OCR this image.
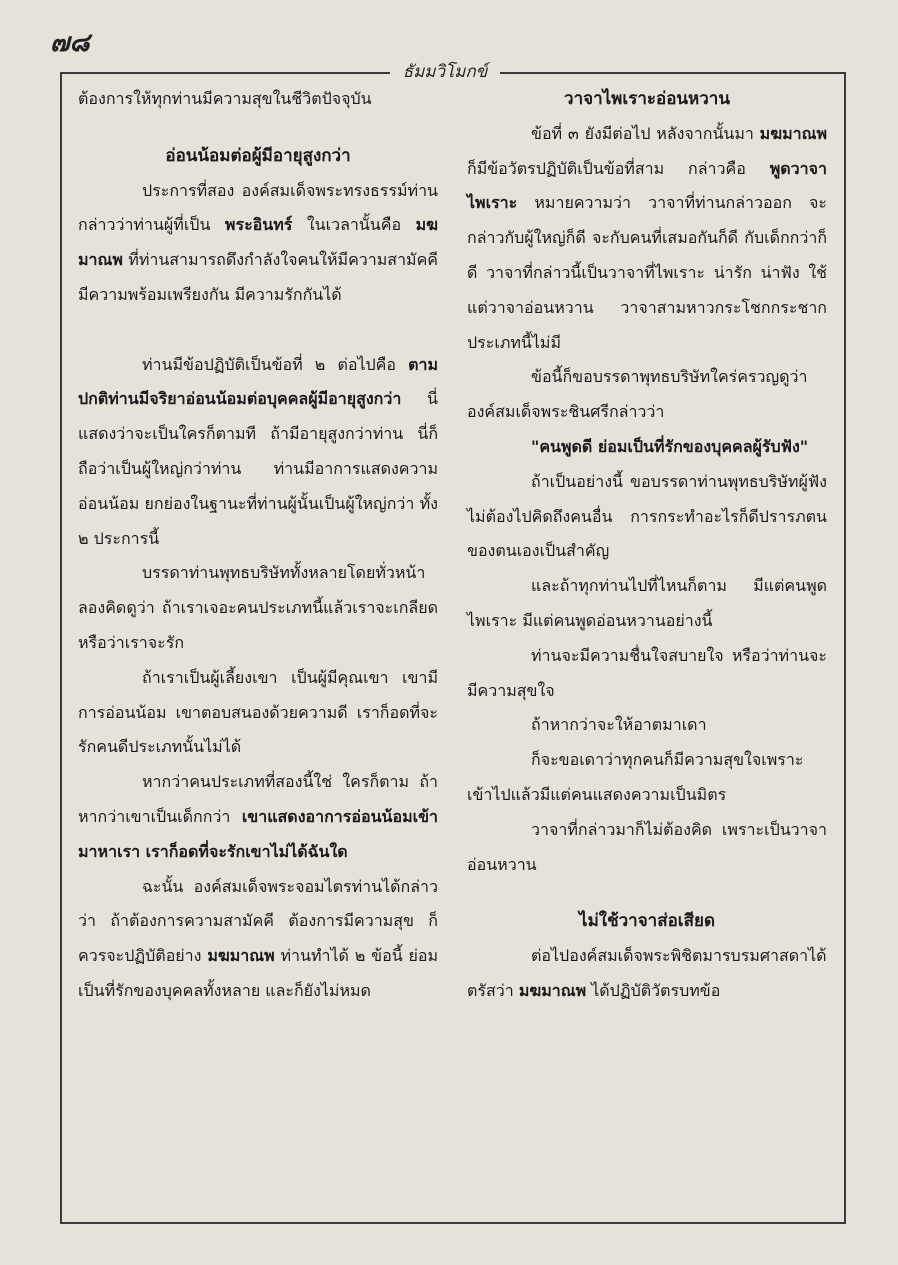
๗๘
ธัมมวิโมกข์

ต้องการให้ทุกท่านมีความสุขในชีวิตปัจจุบัน

อ่อนน้อมต่อผู้มีอายุสูงกว่า

ประการที่สอง องค์สมเด็จพระทรงธรรม์ท่านกล่าวว่าท่านผู้ที่เป็น พระอินทร์ ในเวลานั้นคือ มฆมาณพ ที่ท่านสามารถดึงกำลังใจคนให้มีความสามัคคี มีความพร้อมเพรียงกัน มีความรักกันได้

ท่านมีข้อปฏิบัติเป็นข้อที่ ๒ ต่อไปคือ ตามปกติท่านมีจริยาอ่อนน้อมต่อบุคคลผู้มีอายุสูงกว่า นี่แสดงว่าจะเป็นใครก็ตามที ถ้ามีอายุสูงกว่าท่าน นี่ก็ถือว่าเป็นผู้ใหญ่กว่าท่าน ท่านมีอาการแสดงความอ่อนน้อม ยกย่องในฐานะที่ท่านผู้นั้นเป็นผู้ใหญ่กว่า ทั้ง ๒ ประการนี้

บรรดาท่านพุทธบริษัททั้งหลายโดยทั่วหน้า ลองคิดดูว่า ถ้าเราเจอะคนประเภทนี้แล้วเราจะเกลียดหรือว่าเราจะรัก

ถ้าเราเป็นผู้เลี้ยงเขา เป็นผู้มีคุณเขา เขามีการอ่อนน้อม เขาตอบสนองด้วยความดี เราก็อดที่จะรักคนดีประเภทนั้นไม่ได้

หากว่าคนประเภทที่สองนี้ใช่ ใครก็ตาม ถ้าหากว่าเขาเป็นเด็กกว่า เขาแสดงอาการอ่อนน้อมเข้ามาหาเรา เราก็อดที่จะรักเขาไม่ได้ฉันใด

ฉะนั้น องค์สมเด็จพระจอมไตรท่านได้กล่าวว่า ถ้าต้องการความสามัคคี ต้องการมีความสุข ก็ควรจะปฏิบัติอย่าง มฆมาณพ ท่านทำได้ ๒ ข้อนี้ ย่อมเป็นที่รักของบุคคลทั้งหลาย และก็ยังไม่หมด

วาจาไพเราะอ่อนหวาน

ข้อที่ ๓ ยังมีต่อไป หลังจากนั้นมา มฆมาณพ ก็มีข้อวัตรปฏิบัติเป็นข้อที่สาม กล่าวคือ พูดวาจาไพเราะ หมายความว่า วาจาที่ท่านกล่าวออก จะกล่าวกับผู้ใหญ่ก็ดี จะกับคนที่เสมอกันก็ดี กับเด็กกว่าก็ดี วาจาที่กล่าวนี้เป็นวาจาที่ไพเราะ น่ารัก น่าฟัง ใช้แต่วาจาอ่อนหวาน วาจาสามหาวกระโชกกระชากประเภทนี้ไม่มี

ข้อนี้ก็ขอบรรดาพุทธบริษัทใคร่ครวญดูว่า องค์สมเด็จพระชินศรีกล่าวว่า

"คนพูดดี ย่อมเป็นที่รักของบุคคลผู้รับฟัง"

ถ้าเป็นอย่างนี้ ขอบรรดาท่านพุทธบริษัทผู้ฟังไม่ต้องไปคิดถึงคนอื่น การกระทำอะไรก็ดีปรารภตนของตนเองเป็นสำคัญ

และถ้าทุกท่านไปที่ไหนก็ตาม มีแต่คนพูดไพเราะ มีแต่คนพูดอ่อนหวานอย่างนี้

ท่านจะมีความชื่นใจสบายใจ หรือว่าท่านจะมีความสุขใจ

ถ้าหากว่าจะให้อาตมาเดา

ก็จะขอเดาว่าทุกคนก็มีความสุขใจเพราะเข้าไปแล้วมีแต่คนแสดงความเป็นมิตร

วาจาที่กล่าวมาก็ไม่ต้องคิด เพราะเป็นวาจาอ่อนหวาน

ไม่ใช้วาจาส่อเสียด

ต่อไปองค์สมเด็จพระพิชิตมารบรมศาสดาได้ตรัสว่า มฆมาณพ ได้ปฏิบัติวัตรบทข้อ
